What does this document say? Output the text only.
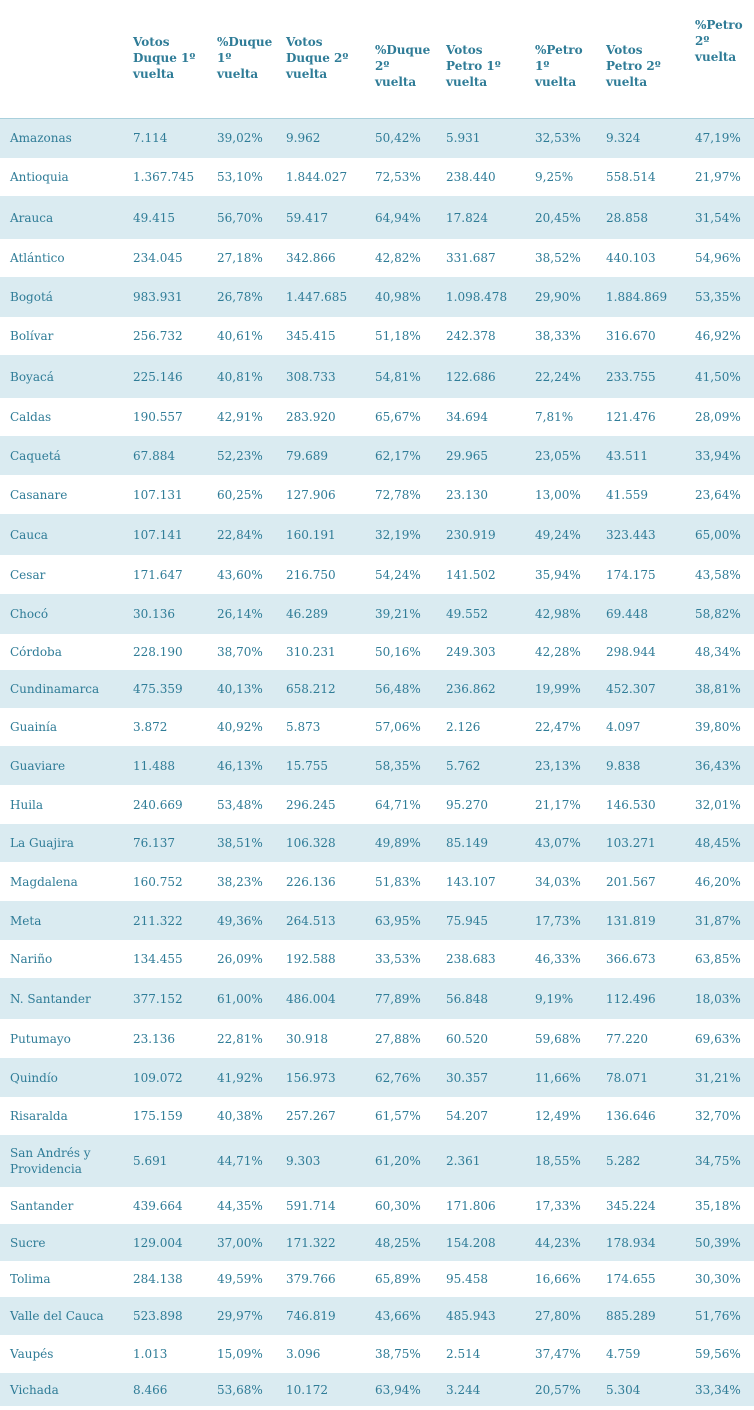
	Votos Duque 1º vuelta	%Duque 1º vuelta	Votos Duque 2º vuelta	%Duque 2º vuelta	Votos Petro 1º vuelta	%Petro 1º vuelta	Votos Petro 2º vuelta	%Petro 2º vuelta
Amazonas	7.114	39,02%	9.962	50,42%	5.931	32,53%	9.324	47,19%
Antioquia	1.367.745	53,10%	1.844.027	72,53%	238.440	9,25%	558.514	21,97%
Arauca	49.415	56,70%	59.417	64,94%	17.824	20,45%	28.858	31,54%
Atlántico	234.045	27,18%	342.866	42,82%	331.687	38,52%	440.103	54,96%
Bogotá	983.931	26,78%	1.447.685	40,98%	1.098.478	29,90%	1.884.869	53,35%
Bolívar	256.732	40,61%	345.415	51,18%	242.378	38,33%	316.670	46,92%
Boyacá	225.146	40,81%	308.733	54,81%	122.686	22,24%	233.755	41,50%
Caldas	190.557	42,91%	283.920	65,67%	34.694	7,81%	121.476	28,09%
Caquetá	67.884	52,23%	79.689	62,17%	29.965	23,05%	43.511	33,94%
Casanare	107.131	60,25%	127.906	72,78%	23.130	13,00%	41.559	23,64%
Cauca	107.141	22,84%	160.191	32,19%	230.919	49,24%	323.443	65,00%
Cesar	171.647	43,60%	216.750	54,24%	141.502	35,94%	174.175	43,58%
Chocó	30.136	26,14%	46.289	39,21%	49.552	42,98%	69.448	58,82%
Córdoba	228.190	38,70%	310.231	50,16%	249.303	42,28%	298.944	48,34%
Cundinamarca	475.359	40,13%	658.212	56,48%	236.862	19,99%	452.307	38,81%
Guainía	3.872	40,92%	5.873	57,06%	2.126	22,47%	4.097	39,80%
Guaviare	11.488	46,13%	15.755	58,35%	5.762	23,13%	9.838	36,43%
Huila	240.669	53,48%	296.245	64,71%	95.270	21,17%	146.530	32,01%
La Guajira	76.137	38,51%	106.328	49,89%	85.149	43,07%	103.271	48,45%
Magdalena	160.752	38,23%	226.136	51,83%	143.107	34,03%	201.567	46,20%
Meta	211.322	49,36%	264.513	63,95%	75.945	17,73%	131.819	31,87%
Nariño	134.455	26,09%	192.588	33,53%	238.683	46,33%	366.673	63,85%
N. Santander	377.152	61,00%	486.004	77,89%	56.848	9,19%	112.496	18,03%
Putumayo	23.136	22,81%	30.918	27,88%	60.520	59,68%	77.220	69,63%
Quindío	109.072	41,92%	156.973	62,76%	30.357	11,66%	78.071	31,21%
Risaralda	175.159	40,38%	257.267	61,57%	54.207	12,49%	136.646	32,70%
San Andrés y Providencia	5.691	44,71%	9.303	61,20%	2.361	18,55%	5.282	34,75%
Santander	439.664	44,35%	591.714	60,30%	171.806	17,33%	345.224	35,18%
Sucre	129.004	37,00%	171.322	48,25%	154.208	44,23%	178.934	50,39%
Tolima	284.138	49,59%	379.766	65,89%	95.458	16,66%	174.655	30,30%
Valle del Cauca	523.898	29,97%	746.819	43,66%	485.943	27,80%	885.289	51,76%
Vaupés	1.013	15,09%	3.096	38,75%	2.514	37,47%	4.759	59,56%
Vichada	8.466	53,68%	10.172	63,94%	3.244	20,57%	5.304	33,34%
